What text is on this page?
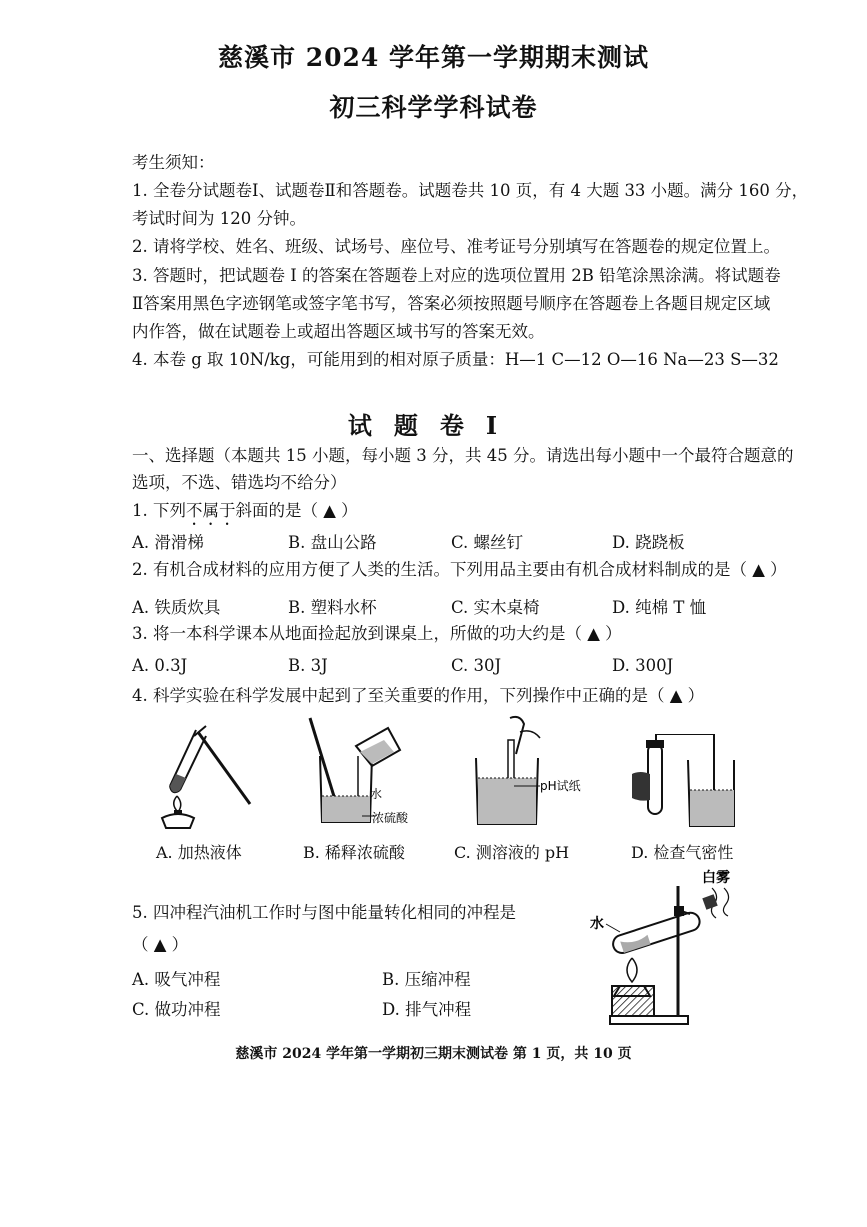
慈溪市 2024 学年第一学期期末测试
初三科学学科试卷
考生须知：
1. 全卷分试题卷Ⅰ、试题卷Ⅱ和答题卷。试题卷共 10 页，有 4 大题 33 小题。满分 160 分，
考试时间为 120 分钟。
2. 请将学校、姓名、班级、试场号、座位号、准考证号分别填写在答题卷的规定位置上。
3. 答题时，把试题卷 I 的答案在答题卷上对应的选项位置用 2B 铅笔涂黑涂满。将试题卷
Ⅱ答案用黑色字迹钢笔或签字笔书写，答案必须按照题号顺序在答题卷上各题目规定区域
内作答，做在试题卷上或超出答题区域书写的答案无效。
4. 本卷 g 取 10N/kg，可能用到的相对原子质量：H—1 C—12 O—16 Na—23 S—32
试题卷Ⅰ
一、选择题（本题共 15 小题，每小题 3 分，共 45 分。请选出每小题中一个最符合题意的
选项，不选、错选均不给分）
1. 下列不属于斜面的是（ ▲ ）
A. 滑滑梯	B. 盘山公路	C. 螺丝钉	D. 跷跷板
2. 有机合成材料的应用方便了人类的生活。下列用品主要由有机合成材料制成的是（ ▲ ）
A. 铁质炊具	B. 塑料水杯	C. 实木桌椅	D. 纯棉 T 恤
3. 将一本科学课本从地面捡起放到课桌上，所做的功大约是（ ▲ ）
A. 0.3J	B. 3J	C. 30J	D. 300J
4. 科学实验在科学发展中起到了至关重要的作用，下列操作中正确的是（ ▲ ）
A. 加热液体
水
浓硫酸
B. 稀释浓硫酸
pH试纸
C. 测溶液的 pH	D. 检查气密性
5. 四冲程汽油机工作时与图中能量转化相同的冲程是
（ ▲ ）
A. 吸气冲程	B. 压缩冲程
C. 做功冲程	D. 排气冲程
白雾
水
慈溪市 2024 学年第一学期初三期末测试卷 第 1 页，共 10 页
